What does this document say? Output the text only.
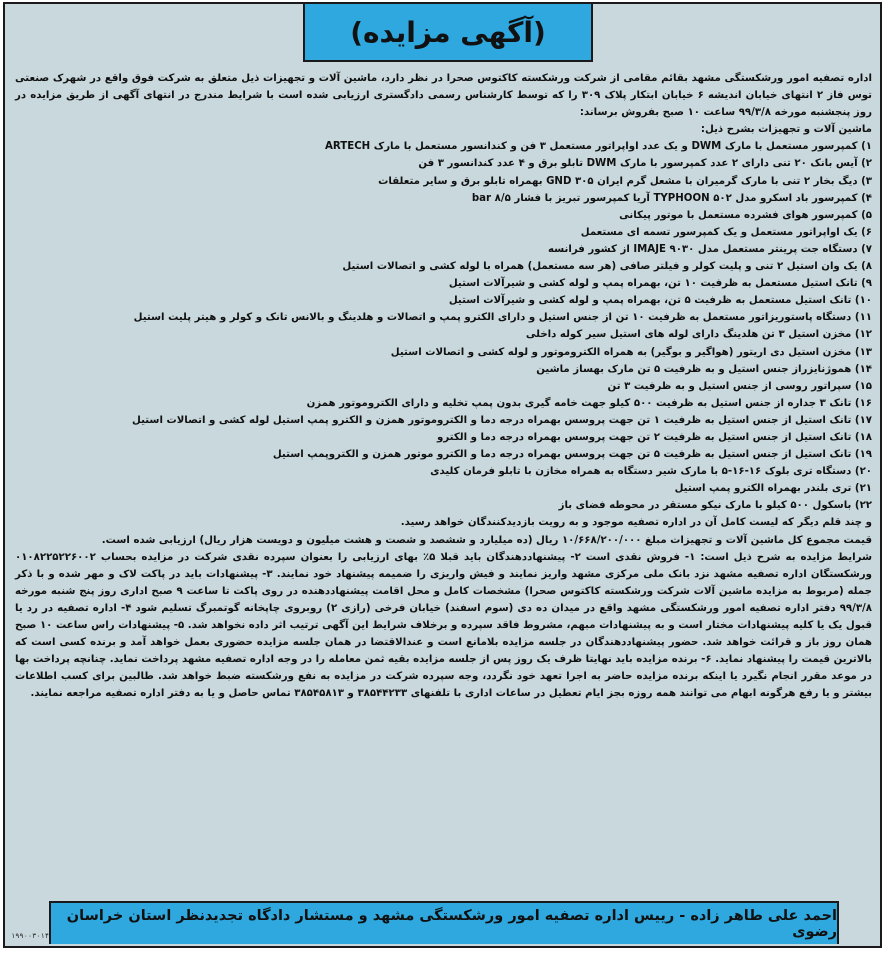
(آگهی مزایده)

اداره تصفیه امور ورشکستگی مشهد بقائم مقامی از شرکت ورشکسته کاکتوس صحرا در نظر دارد، ماشین آلات و تجهیزات ذیل متعلق به شرکت فوق واقع در شهرک صنعتی توس فاز ۲ انتهای خیابان اندیشه ۶ خیابان ابتکار پلاک ۳۰۹ را که توسط کارشناس رسمی دادگستری ارزیابی شده است با شرایط مندرج در انتهای آگهی از طریق مزایده در روز پنجشنبه مورخه ۹۹/۳/۸ ساعت ۱۰ صبح بفروش برساند:

ماشین آلات و تجهیزات بشرح ذیل:

۱) کمپرسور مستعمل با مارک DWM و یک عدد اواپراتور مستعمل ۳ فن و کندانسور مستعمل با مارک ARTECH
۲) آیس بانک ۲۰ تنی دارای ۲ عدد کمپرسور با مارک DWM تابلو برق و ۴ عدد کندانسور ۳ فن
۳) دیگ بخار ۲ تنی با مارک گرمیران با مشعل گرم ایران ۳۰۵ GND بهمراه تابلو برق و سایر متعلقات
۴) کمپرسور باد اسکرو مدل ۵۰۲ TYPHOON آریا کمپرسور تبریز با فشار bar ۸/۵
۵) کمپرسور هوای فشرده مستعمل با موتور پیکانی
۶) یک اواپراتور مستعمل و یک کمپرسور تسمه ای مستعمل
۷) دستگاه جت پرینتر مستعمل مدل ۹۰۳۰ IMAJE از کشور فرانسه
۸) یک وان استیل ۲ تنی و پلیت کولر و فیلتر صافی (هر سه مستعمل) همراه با لوله کشی و اتصالات استیل
۹) تانک استیل مستعمل به ظرفیت ۱۰ تن، بهمراه پمپ و لوله کشی و شیرآلات استیل
۱۰) تانک استیل مستعمل به ظرفیت ۵ تن، بهمراه پمپ و لوله کشی و شیرآلات استیل
۱۱) دستگاه پاستوریزاتور مستعمل به ظرفیت ۱۰ تن از جنس استیل و دارای الکترو پمپ و اتصالات و هلدینگ و بالانس تانک و کولر و هیتر پلیت استیل
۱۲) مخزن استیل ۳ تن هلدینگ دارای لوله های استیل سیر کوله داخلی
۱۳) مخزن استیل دی اریتور (هواگیر و بوگیر) به همراه الکتروموتور و لوله کشی و اتصالات استیل
۱۴) هموژنایزراز جنس استیل و به ظرفیت ۵ تن مارک بهساز ماشین
۱۵) سپراتور روسی از جنس استیل و به ظرفیت ۳ تن
۱۶) تانک ۳ جداره از جنس استیل به ظرفیت ۵۰۰ کیلو جهت خامه گیری بدون پمپ تخلیه و دارای الکتروموتور همزن
۱۷) تانک استیل از جنس استیل به ظرفیت ۱ تن جهت پروسس بهمراه درجه دما و الکتروموتور همزن و الکترو پمپ استیل لوله کشی و اتصالات استیل
۱۸) تانک استیل از جنس استیل به ظرفیت ۲ تن جهت پروسس بهمراه درجه دما و الکترو
۱۹) تانک استیل از جنس استیل به ظرفیت ۵ تن جهت پروسس بهمراه درجه دما و الکترو موتور همزن و الکتروپمپ استیل
۲۰) دستگاه تری بلوک ۱۶-۱۶-۵ با مارک شیر دستگاه به همراه مخازن با تابلو فرمان کلیدی
۲۱) تری بلندر بهمراه الکترو پمپ استیل
۲۲) باسکول ۵۰۰ کیلو با مارک نیکو مستقر در محوطه فضای باز

و چند قلم دیگر که لیست کامل آن در اداره تصفیه موجود و به رویت بازدیدکنندگان خواهد رسید.

قیمت مجموع کل ماشین آلات و تجهیزات مبلغ ۱۰/۶۶۸/۲۰۰/۰۰۰ ریال (ده میلیارد و ششصد و شصت و هشت میلیون و دویست هزار ریال) ارزیابی شده است.

شرایط مزایده به شرح ذیل است: ۱- فروش نقدی است ۲- پیشنهاددهندگان باید قبلا ۵٪ بهای ارزیابی را بعنوان سپرده نقدی شرکت در مزایده بحساب ۰۱۰۸۲۲۵۲۲۶۰۰۲ ورشکستگان اداره تصفیه مشهد نزد بانک ملی مرکزی مشهد واریز نمایند و فیش واریزی را ضمیمه پیشنهاد خود نمایند. ۳- پیشنهادات باید در پاکت لاک و مهر شده و با ذکر جمله (مربوط به مزایده ماشین آلات شرکت ورشکسته کاکتوس صحرا) مشخصات کامل و محل اقامت پیشنهاددهنده در روی پاکت تا ساعت ۹ صبح اداری روز پنج شنبه مورخه ۹۹/۳/۸ دفتر اداره تصفیه امور ورشکستگی مشهد واقع در میدان ده دی (سوم اسفند) خیابان فرخی (رازی ۲) روبروی چاپخانه گوتمبرگ تسلیم شود ۴- اداره تصفیه در رد یا قبول یک یا کلیه پیشنهادات مختار است و به پیشنهادات مبهم، مشروط فاقد سپرده و برخلاف شرایط این آگهی ترتیب اثر داده نخواهد شد. ۵- پیشنهادات راس ساعت ۱۰ صبح همان روز باز و قرائت خواهد شد. حضور پیشنهاددهندگان در جلسه مزایده بلامانع است و عندالاقتضا در همان جلسه مزایده حضوری بعمل خواهد آمد و برنده کسی است که بالاترین قیمت را پیشنهاد نماید. ۶- برنده مزایده باید نهایتا ظرف یک روز پس از جلسه مزایده بقیه ثمن معامله را در وجه اداره تصفیه مشهد پرداخت نماید. چنانچه پرداخت بها در موعد مقرر انجام نگیرد یا اینکه برنده مزایده حاضر به اجرا تعهد خود نگردد، وجه سپرده شرکت در مزایده به نفع ورشکسته ضبط خواهد شد. طالبین برای کسب اطلاعات بیشتر و یا رفع هرگونه ابهام می توانند همه روزه بجز ایام تعطیل در ساعات اداری با تلفنهای ۳۸۵۴۴۲۳۳ و ۳۸۵۴۵۸۱۳ تماس حاصل و یا به دفتر اداره تصفیه مراجعه نمایند.

احمد علی طاهر زاده - رییس اداره تصفیه امور ورشکستگی مشهد و مستشار دادگاه تجدیدنظر استان خراسان رضوی
۱۹۹۰۰۳۰۱۴
